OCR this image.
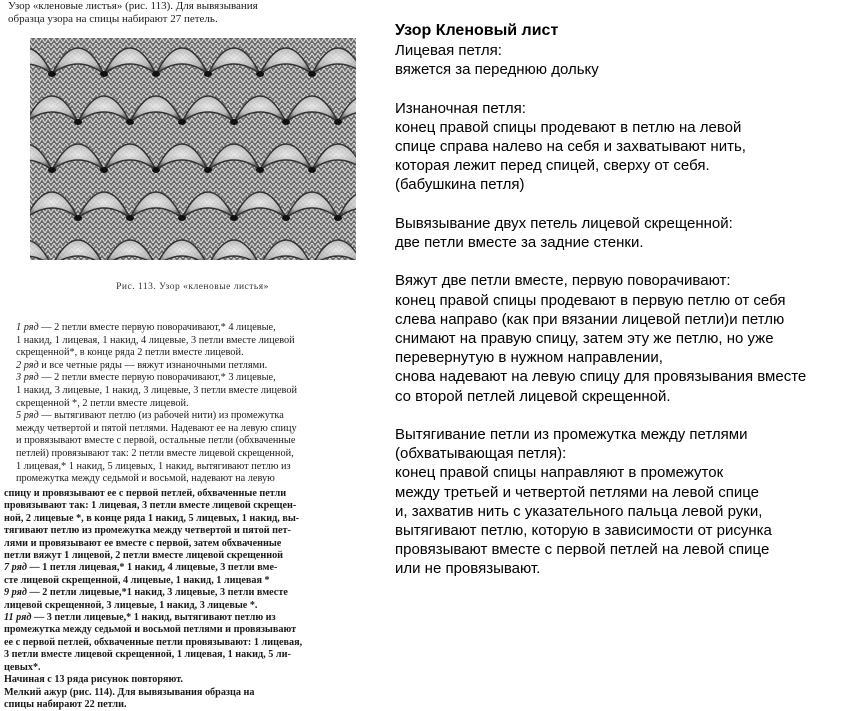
Узор «кленовые листья» (рис. 113). Для вывязывания

образца узора на спицы набирают 27 петель.

Рис. 113. Узор «кленовые листья»

1 ряд — 2 петли вместе первую поворачивают,* 4 лицевые,

1 накид, 1 лицевая, 1 накид, 4 лицевые, 3 петли вместе лицевой

скрещенной*, в конце ряда 2 петли вместе лицевой.

2 ряд и все четные ряды — вяжут изнаночными петлями.

3 ряд — 2 петли вместе первую поворачивают,* 3 лицевые,

1 накид, 3 лицевые, 1 накид, 3 лицевые, 3 петли вместе лицевой

скрещенной *, 2 петли вместе лицевой.

5 ряд — вытягивают петлю (из рабочей нити) из промежутка

между четвертой и пятой петлями. Надевают ее на левую спицу

и провязывают вместе с первой, остальные петли (обхваченные

петлей) провязывают так: 2 петли вместе лицевой скрещенной,

1 лицевая,* 1 накид, 5 лицевых, 1 накид, вытягивают петлю из

промежутка между седьмой и восьмой, надевают на левую

спицу и провязывают ее с первой петлей, обхваченные петли

провязывают так: 1 лицевая, 3 петли вместе лицевой скрещен-

ной, 2 лицевые *, в конце ряда 1 накид, 5 лицевых, 1 накид, вы-

тягивают петлю из промежутка между четвертой и пятой пет-

лями и провязывают ее вместе с первой, затем обхваченные

петли вяжут 1 лицевой, 2 петли вместе лицевой скрещенной

7 ряд — 1 петля лицевая,* 1 накид, 4 лицевые, 3 петли вме-

сте лицевой скрещенной, 4 лицевые, 1 накид, 1 лицевая *

9 ряд — 2 петли лицевые,*1 накид, 3 лицевые, 3 петли вместе

лицевой скрещенной, 3 лицевые, 1 накид, 3 лицевые *.

11 ряд — 3 петли лицевые,* 1 накид, вытягивают петлю из

промежутка между седьмой и восьмой петлями и провязывают

ее с первой петлей, обхваченные петли провязывают: 1 лицевая,

3 петли вместе лицевой скрещенной, 1 лицевая, 1 накид, 5 ли-

цевых*.

Начиная с 13 ряда рисунок повторяют.

Мелкий ажур (рис. 114). Для вывязывания образца на

спицы набирают 22 петли.

Узор Кленовый лист
Лицевая петля:
вяжется за переднюю дольку
Изнаночная петля:
конец правой спицы продевают в петлю на левой
спице справа налево на себя и захватывают нить,
которая лежит перед спицей, сверху от себя.
(бабушкина петля)
Вывязывание двух петель лицевой скрещенной:
две петли вместе за задние стенки.
Вяжут две петли вместе, первую поворачивают:
конец правой спицы продевают в первую петлю от себя
слева направо (как при вязании лицевой петли)и петлю
снимают на правую спицу, затем эту же петлю, но уже
перевернутую в нужном направлении,
снова надевают на левую спицу для провязывания вместе
со второй петлей лицевой скрещенной.
Вытягивание петли из промежутка между петлями
(обхватывающая петля):
конец правой спицы направляют в промежуток
между третьей и четвертой петлями на левой спице
и, захватив нить с указательного пальца левой руки,
вытягивают петлю, которую в зависимости от рисунка
провязывают вместе с первой петлей на левой спице
или не провязывают.
